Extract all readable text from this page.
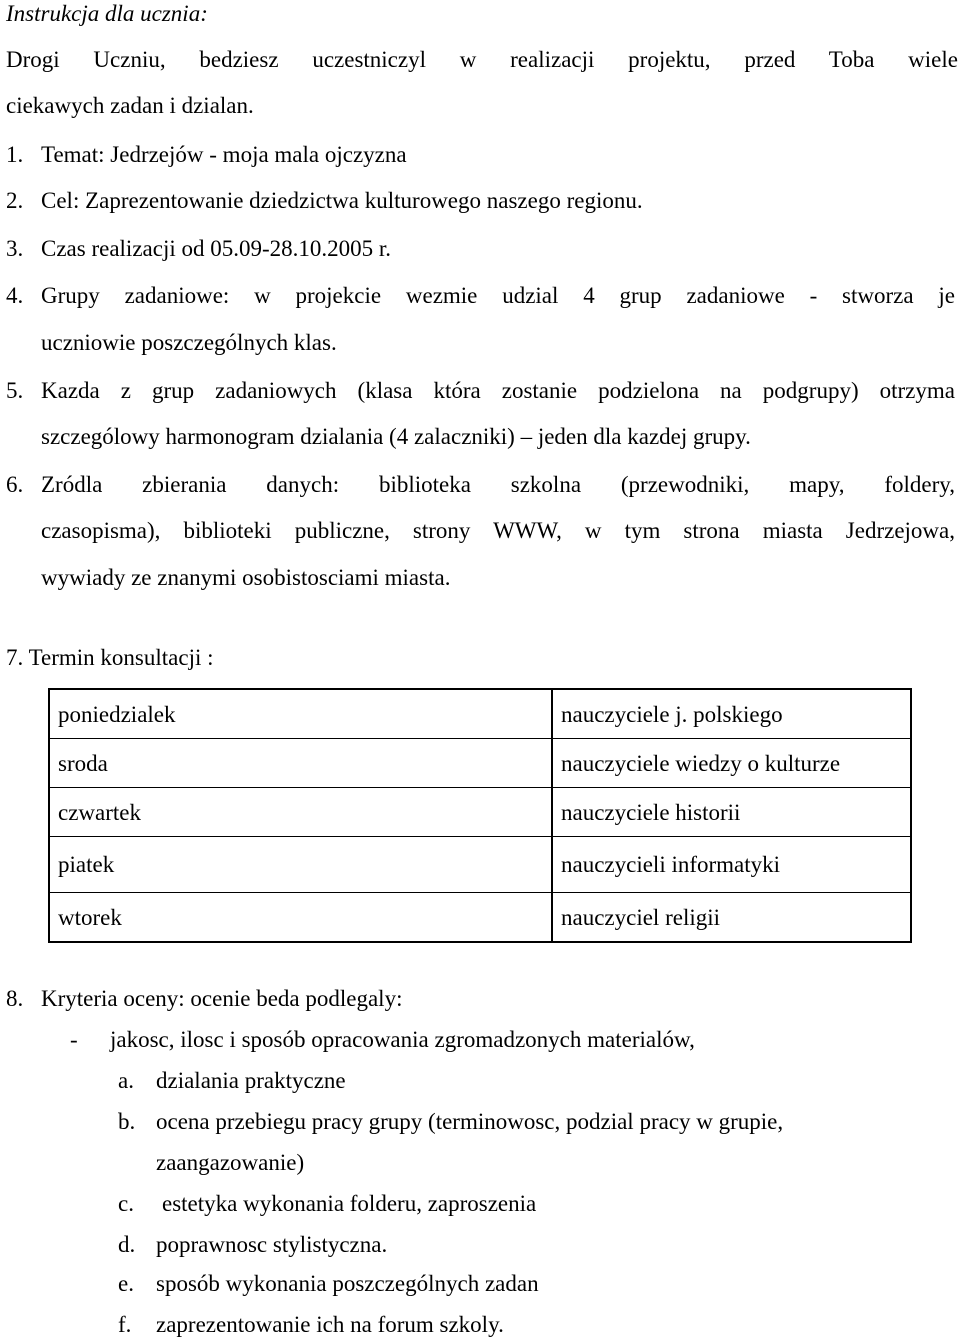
Instrukcja dla ucznia:
Drogi Uczniu, bedziesz uczestniczyl w realizacji projektu, przed Toba wiele
ciekawych zadan i dzialan.
1. Temat: Jedrzejów - moja mala ojczyzna
2. Cel: Zaprezentowanie dziedzictwa kulturowego naszego regionu.
3. Czas realizacji od 05.09-28.10.2005 r.
4. Grupy zadaniowe: w projekcie wezmie udzial 4 grup zadaniowe - stworza je
uczniowie poszczególnych klas.
5. Kazda z grup zadaniowych (klasa która zostanie podzielona na podgrupy) otrzyma
szczególowy harmonogram dzialania (4 zalaczniki) – jeden dla kazdej grupy.
6. Zródla zbierania danych: biblioteka szkolna (przewodniki, mapy, foldery,
czasopisma), biblioteki publiczne, strony WWW, w tym strona miasta Jedrzejowa,
wywiady ze znanymi osobistosciami miasta.
7. Termin konsultacji :
poniedzialek	nauczyciele j. polskiego
sroda	nauczyciele wiedzy o kulturze
czwartek	nauczyciele historii
piatek	nauczycieli informatyki
wtorek	nauczyciel religii
8. Kryteria oceny: ocenie beda podlegaly:
- jakosc, ilosc i sposób opracowania zgromadzonych materialów,
a. dzialania praktyczne
b. ocena przebiegu pracy grupy (terminowosc, podzial pracy w grupie,
zaangazowanie)
c. estetyka wykonania folderu, zaproszenia
d. poprawnosc stylistyczna.
e. sposób wykonania poszczególnych zadan
f. zaprezentowanie ich na forum szkoly.
